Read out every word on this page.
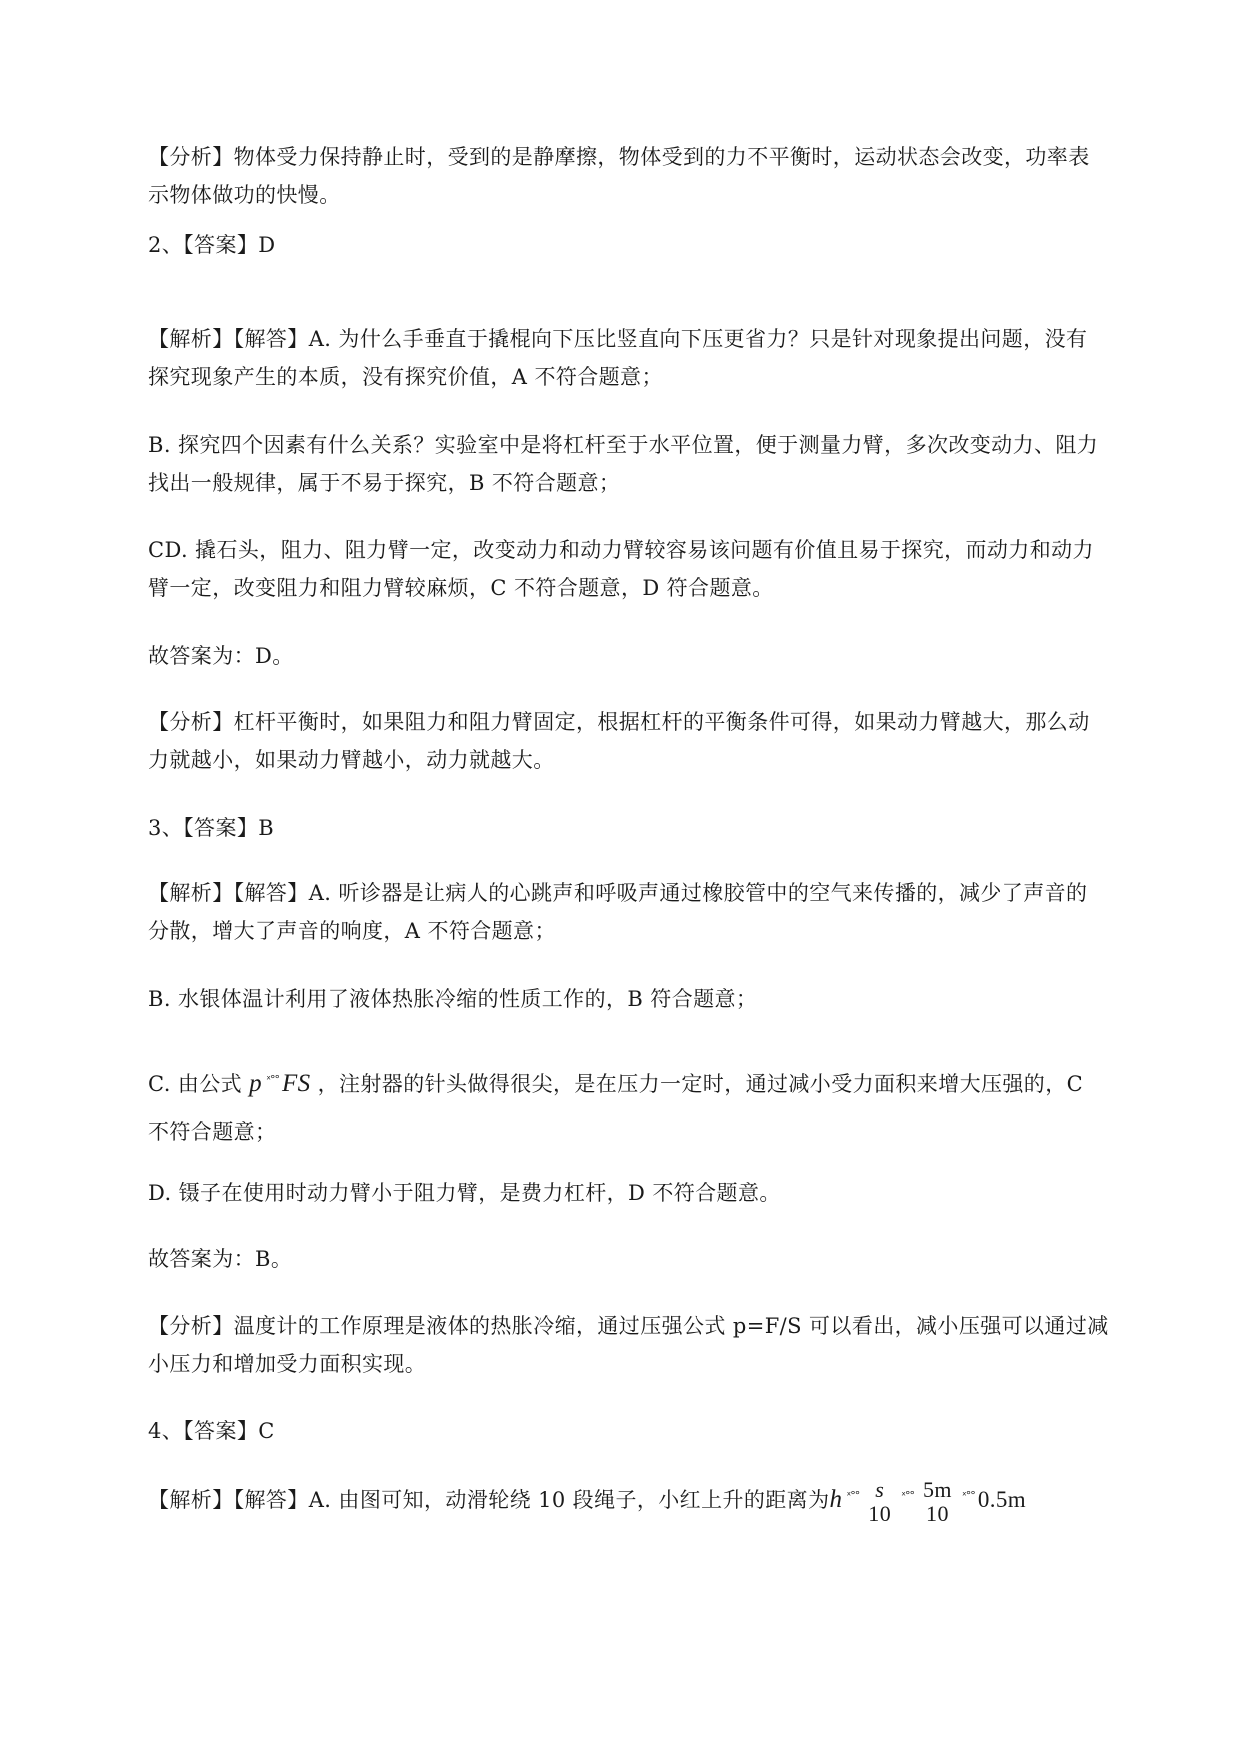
【分析】物体受力保持静止时，受到的是静摩擦，物体受到的力不平衡时，运动状态会改变，功率表
示物体做功的快慢。

2、【答案】D

【解析】【解答】A. 为什么手垂直于撬棍向下压比竖直向下压更省力？只是针对现象提出问题，没有
探究现象产生的本质，没有探究价值，A 不符合题意；

B. 探究四个因素有什么关系？实验室中是将杠杆至于水平位置，便于测量力臂，多次改变动力、阻力
找出一般规律，属于不易于探究，B 不符合题意；

CD. 撬石头，阻力、阻力臂一定，改变动力和动力臂较容易该问题有价值且易于探究，而动力和动力
臂一定，改变阻力和阻力臂较麻烦，C 不符合题意，D 符合题意。

故答案为：D。

【分析】杠杆平衡时，如果阻力和阻力臂固定，根据杠杆的平衡条件可得，如果动力臂越大，那么动
力就越小，如果动力臂越小，动力就越大。

3、【答案】B

【解析】【解答】A. 听诊器是让病人的心跳声和呼吸声通过橡胶管中的空气来传播的，减少了声音的
分散，增大了声音的响度，A 不符合题意；

B. 水银体温计利用了液体热胀冷缩的性质工作的，B 符合题意；

C. 由公式 p $^{ˣ^\circ^\circ}$ FS ，注射器的针头做得很尖，是在压力一定时，通过减小受力面积来增大压强的，C
不符合题意；

D. 镊子在使用时动力臂小于阻力臂，是费力杠杆，D 不符合题意。

故答案为：B。

【分析】温度计的工作原理是液体的热胀冷缩，通过压强公式 p=F/S 可以看出，减小压强可以通过减
小压力和增加受力面积实现。

4、【答案】C

【解析】【解答】A. 由图可知，动滑轮绕 10 段绳子，小红上升的距离为h $^{ˣ^\circ^\circ}$ s
10
$^{ˣ^\circ^\circ}$ 5m
10
$^{ˣ^\circ^\circ}$ 0.5m
